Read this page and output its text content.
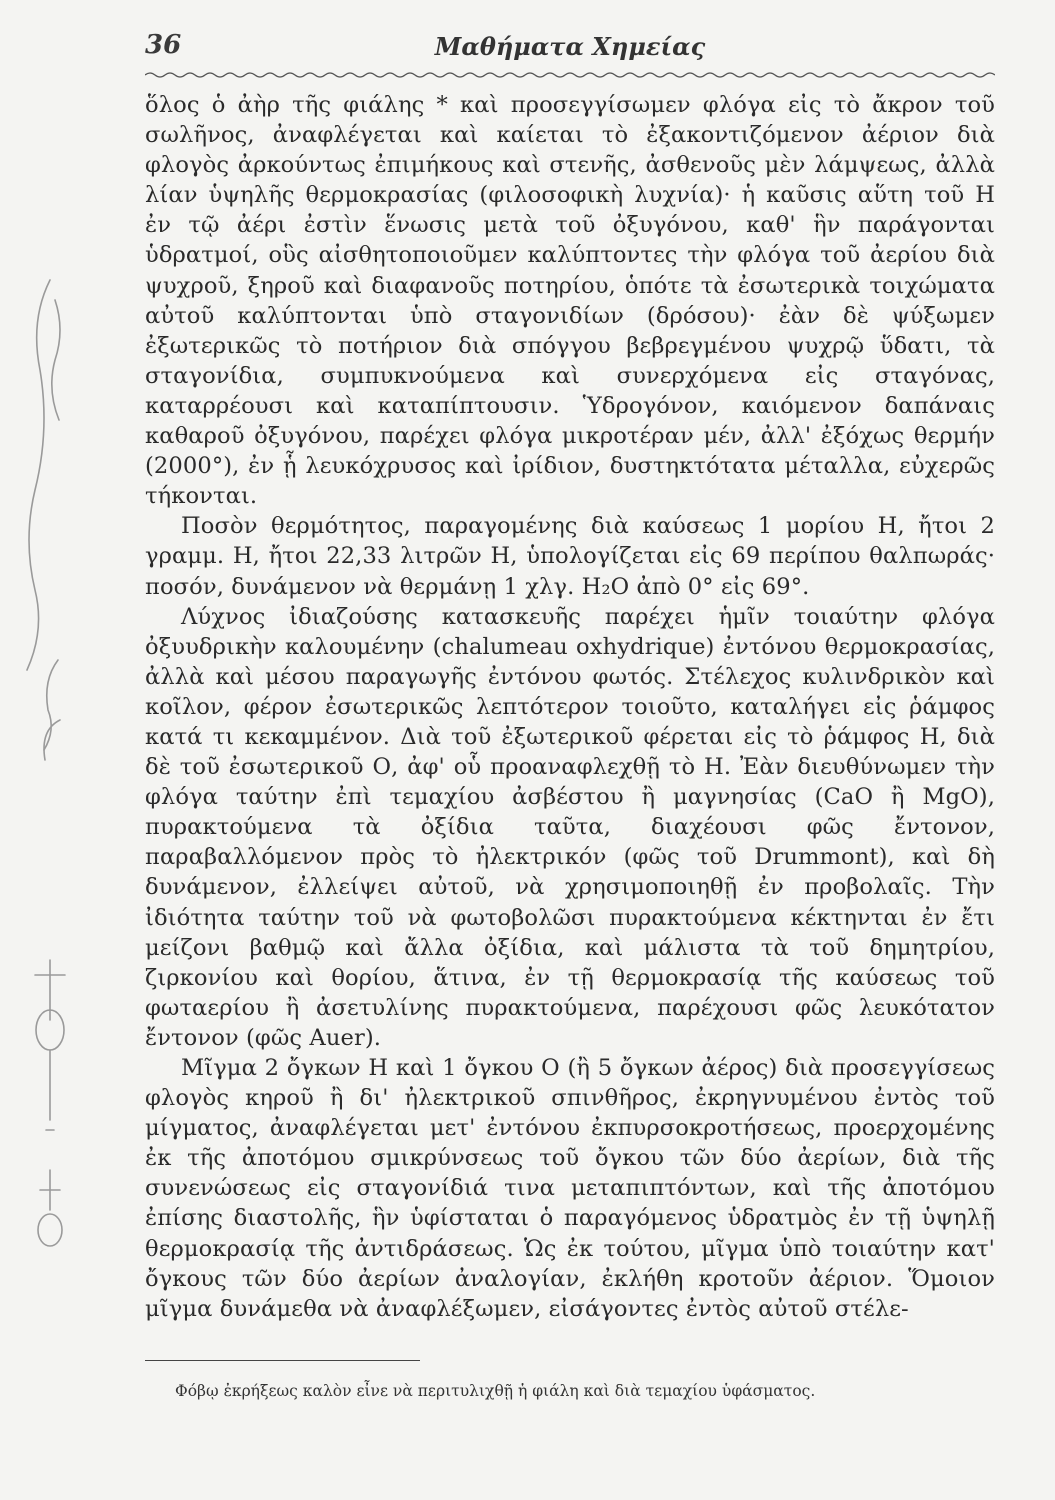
36	Μαθήματα Χημείας

ὅλος ὁ ἀὴρ τῆς φιάλης * καὶ προσεγγίσωμεν φλόγα εἰς τὸ ἄκρον τοῦ σωλῆνος, ἀναφλέγεται καὶ καίεται τὸ ἐξακοντιζόμενον ἀέριον διὰ φλογὸς ἀρκούντως ἐπιμήκους καὶ στενῆς, ἀσθενοῦς μὲν λάμψεως, ἀλλὰ λίαν ὑψηλῆς θερμοκρασίας (φιλοσοφικὴ λυχνία)· ἡ καῦσις αὕτη τοῦ Η ἐν τῷ ἀέρι ἐστὶν ἕνωσις μετὰ τοῦ ὀξυγόνου, καθ' ἣν παράγονται ὑδρατμοί, οὓς αἰσθητοποιοῦμεν καλύπτοντες τὴν φλόγα τοῦ ἀερίου διὰ ψυχροῦ, ξηροῦ καὶ διαφανοῦς ποτηρίου, ὁπότε τὰ ἐσωτερικὰ τοιχώματα αὐτοῦ καλύπτονται ὑπὸ σταγονιδίων (δρόσου)· ἐὰν δὲ ψύξωμεν ἐξωτερικῶς τὸ ποτήριον διὰ σπόγγου βεβρεγμένου ψυχρῷ ὕδατι, τὰ σταγονίδια, συμπυκνούμενα καὶ συνερχόμενα εἰς σταγόνας, καταρρέουσι καὶ καταπίπτουσιν. Ὑδρογόνον, καιόμενον δαπάναις καθαροῦ ὀξυγόνου, παρέχει φλόγα μικροτέραν μέν, ἀλλ' ἐξόχως θερμήν (2000°), ἐν ᾗ λευκόχρυσος καὶ ἰρίδιον, δυστηκτότατα μέταλλα, εὐχερῶς τήκονται.

Ποσὸν θερμότητος, παραγομένης διὰ καύσεως 1 μορίου Η, ἤτοι 2 γραμμ. Η, ἤτοι 22,33 λιτρῶν Η, ὑπολογίζεται εἰς 69 περίπου θαλπωράς· ποσόν, δυνάμενον νὰ θερμάνῃ 1 χλγ. H₂O ἀπὸ 0° εἰς 69°.

Λύχνος ἰδιαζούσης κατασκευῆς παρέχει ἡμῖν τοιαύτην φλόγα ὀξυυδρικὴν καλουμένην (chalumeau oxhydrique) ἐντόνου θερμοκρασίας, ἀλλὰ καὶ μέσου παραγωγῆς ἐντόνου φωτός. Στέλεχος κυλινδρικὸν καὶ κοῖλον, φέρον ἐσωτερικῶς λεπτότερον τοιοῦτο, καταλήγει εἰς ῥάμφος κατά τι κεκαμμένον. Διὰ τοῦ ἐξωτερικοῦ φέρεται εἰς τὸ ῥάμφος Η, διὰ δὲ τοῦ ἐσωτερικοῦ Ο, ἀφ' οὗ προαναφλεχθῇ τὸ Η. Ἐὰν διευθύνωμεν τὴν φλόγα ταύτην ἐπὶ τεμαχίου ἀσβέστου ἢ μαγνησίας (CaO ἢ MgO), πυρακτούμενα τὰ ὀξίδια ταῦτα, διαχέουσι φῶς ἔντονον, παραβαλλόμενον πρὸς τὸ ἠλεκτρικόν (φῶς τοῦ Drummont), καὶ δὴ δυνάμενον, ἐλλείψει αὐτοῦ, νὰ χρησιμοποιηθῇ ἐν προβολαῖς. Τὴν ἰδιότητα ταύτην τοῦ νὰ φωτοβολῶσι πυρακτούμενα κέκτηνται ἐν ἔτι μείζονι βαθμῷ καὶ ἄλλα ὀξίδια, καὶ μάλιστα τὰ τοῦ δημητρίου, ζιρκονίου καὶ θορίου, ἅτινα, ἐν τῇ θερμοκρασίᾳ τῆς καύσεως τοῦ φωταερίου ἢ ἀσετυλίνης πυρακτούμενα, παρέχουσι φῶς λευκότατον ἔντονον (φῶς Auer).

Μῖγμα 2 ὄγκων Η καὶ 1 ὄγκου Ο (ἢ 5 ὄγκων ἀέρος) διὰ προσεγγίσεως φλογὸς κηροῦ ἢ δι' ἠλεκτρικοῦ σπινθῆρος, ἐκρηγνυμένου ἐντὸς τοῦ μίγματος, ἀναφλέγεται μετ' ἐντόνου ἐκπυρσοκροτήσεως, προερχομένης ἐκ τῆς ἀποτόμου σμικρύνσεως τοῦ ὄγκου τῶν δύο ἀερίων, διὰ τῆς συνενώσεως εἰς σταγονίδιά τινα μεταπιπτόντων, καὶ τῆς ἀποτόμου ἐπίσης διαστολῆς, ἣν ὑφίσταται ὁ παραγόμενος ὑδρατμὸς ἐν τῇ ὑψηλῇ θερμοκρασίᾳ τῆς ἀντιδράσεως. Ὡς ἐκ τούτου, μῖγμα ὑπὸ τοιαύτην κατ' ὄγκους τῶν δύο ἀερίων ἀναλογίαν, ἐκλήθη κροτοῦν ἀέριον. Ὅμοιον μῖγμα δυνάμεθα νὰ ἀναφλέξωμεν, εἰσάγοντες ἐντὸς αὐτοῦ στέλε-

Φόβῳ ἐκρήξεως καλὸν εἶνε νὰ περιτυλιχθῇ ἡ φιάλη καὶ διὰ τεμαχίου ὑφάσματος.
